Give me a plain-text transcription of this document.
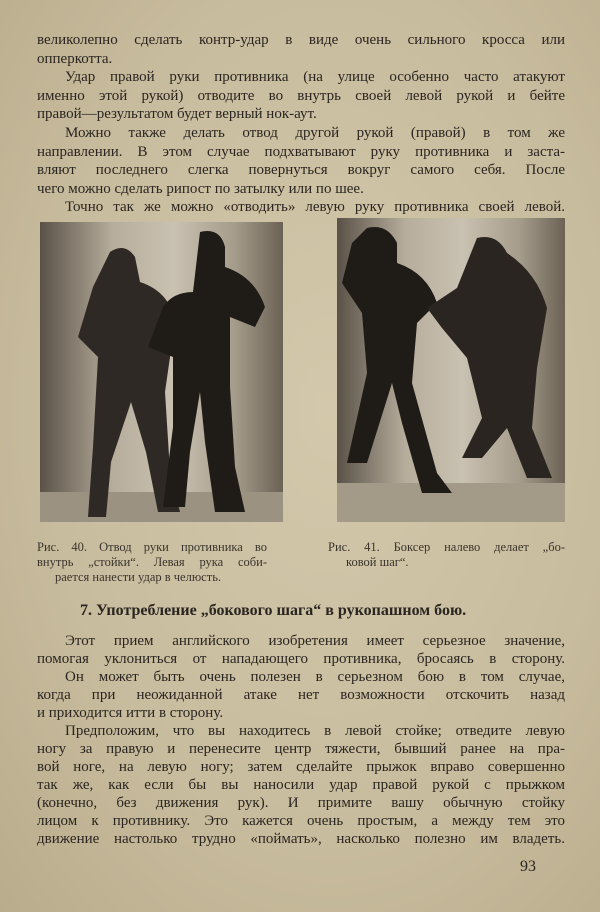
великолепно сделать контр-удар в виде очень сильного кросса или
опперкотта.
Удар правой руки противника (на улице особенно часто атакуют
именно этой рукой) отводите во внутрь своей левой рукой и бейте
правой—результатом будет верный нок-аут.
Можно также делать отвод другой рукой (правой) в том же
направлении. В этом случае подхватывают руку противника и заста-
вляют последнего слегка повернуться вокруг самого себя. После
чего можно сделать рипост по затылку или по шее.
Точно так же можно «отводить» левую руку противника своей левой.
Рис. 40. Отвод руки противника во
внутрь „стойки“. Левая рука соби-
рается нанести удар в челюсть.
Рис. 41. Боксер налево делает „бо-
ковой шаг“.
7. Употребление „бокового шага“ в рукопашном бою.
Этот прием английского изобретения имеет серьезное значение,
помогая уклониться от нападающего противника, бросаясь в сторону.
Он может быть очень полезен в серьезном бою в том случае,
когда при неожиданной атаке нет возможности отскочить назад
и приходится итти в сторону.
Предположим, что вы находитесь в левой стойке; отведите левую
ногу за правую и перенесите центр тяжести, бывший ранее на пра-
вой ноге, на левую ногу; затем сделайте прыжок вправо совершенно
так же, как если бы вы наносили удар правой рукой с прыжком
(конечно, без движения рук). И примите вашу обычную стойку
лицом к противнику. Это кажется очень простым, а между тем это
движение настолько трудно «поймать», насколько полезно им владеть.
93
